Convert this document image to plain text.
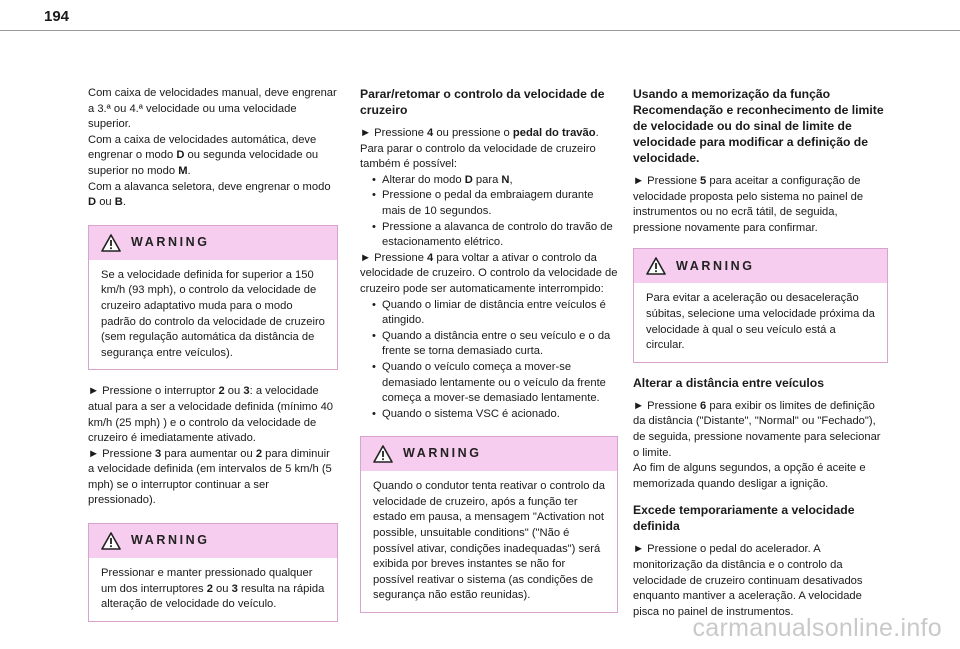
194

Com caixa de velocidades manual, deve engrenar a 3.ª ou 4.ª velocidade ou uma velocidade superior.

Com a caixa de velocidades automática, deve engrenar o modo D ou segunda velocidade ou superior no modo M.

Com a alavanca seletora, deve engrenar o modo D ou B.

WARNING
Se a velocidade definida for superior a 150 km/h (93 mph), o controlo da velocidade de cruzeiro adaptativo muda para o modo padrão do controlo da velocidade de cruzeiro (sem regulação automática da distância de segurança entre veículos).

► Pressione o interruptor 2 ou 3: a velocidade atual para a ser a velocidade definida (mínimo 40 km/h (25 mph) ) e o controlo da velocidade de cruzeiro é imediatamente ativado.

► Pressione 3 para aumentar ou 2 para diminuir a velocidade definida (em intervalos de 5 km/h (5 mph) se o interruptor continuar a ser pressionado).

WARNING
Pressionar e manter pressionado qualquer um dos interruptores 2 ou 3 resulta na rápida alteração de velocidade do veículo.

Parar/retomar o controlo da velocidade de cruzeiro

► Pressione 4 ou pressione o pedal do travão. Para parar o controlo da velocidade de cruzeiro também é possível:

• Alterar do modo D para N,
• Pressione o pedal da embraiagem durante mais de 10 segundos.
• Pressione a alavanca de controlo do travão de estacionamento elétrico.

► Pressione 4 para voltar a ativar o controlo da velocidade de cruzeiro. O controlo da velocidade de cruzeiro pode ser automaticamente interrompido:

• Quando o limiar de distância entre veículos é atingido.
• Quando a distância entre o seu veículo e o da frente se torna demasiado curta.
• Quando o veículo começa a mover-se demasiado lentamente ou o veículo da frente começa a mover-se demasiado lentamente.
• Quando o sistema VSC é acionado.
WARNING
Quando o condutor tenta reativar o controlo da velocidade de cruzeiro, após a função ter estado em pausa, a mensagem "Activation not possible, unsuitable conditions" ("Não é possível ativar, condições inadequadas") será exibida por breves instantes se não for possível reativar o sistema (as condições de segurança não estão reunidas).

Usando a memorização da função Recomendação e reconhecimento de limite de velocidade ou do sinal de limite de velocidade para modificar a definição de velocidade.

► Pressione 5 para aceitar a configuração de velocidade proposta pelo sistema no painel de instrumentos ou no ecrã tátil, de seguida, pressione novamente para confirmar.

WARNING
Para evitar a aceleração ou desaceleração súbitas, selecione uma velocidade próxima da velocidade à qual o seu veículo está a circular.

Alterar a distância entre veículos

► Pressione 6 para exibir os limites de definição da distância ("Distante", "Normal" ou "Fechado"), de seguida, pressione novamente para selecionar o limite.

Ao fim de alguns segundos, a opção é aceite e memorizada quando desligar a ignição.

Excede temporariamente a velocidade definida

► Pressione o pedal do acelerador. A monitorização da distância e o controlo da velocidade de cruzeiro continuam desativados enquanto mantiver a aceleração. A velocidade pisca no painel de instrumentos.

carmanualsonline.info
